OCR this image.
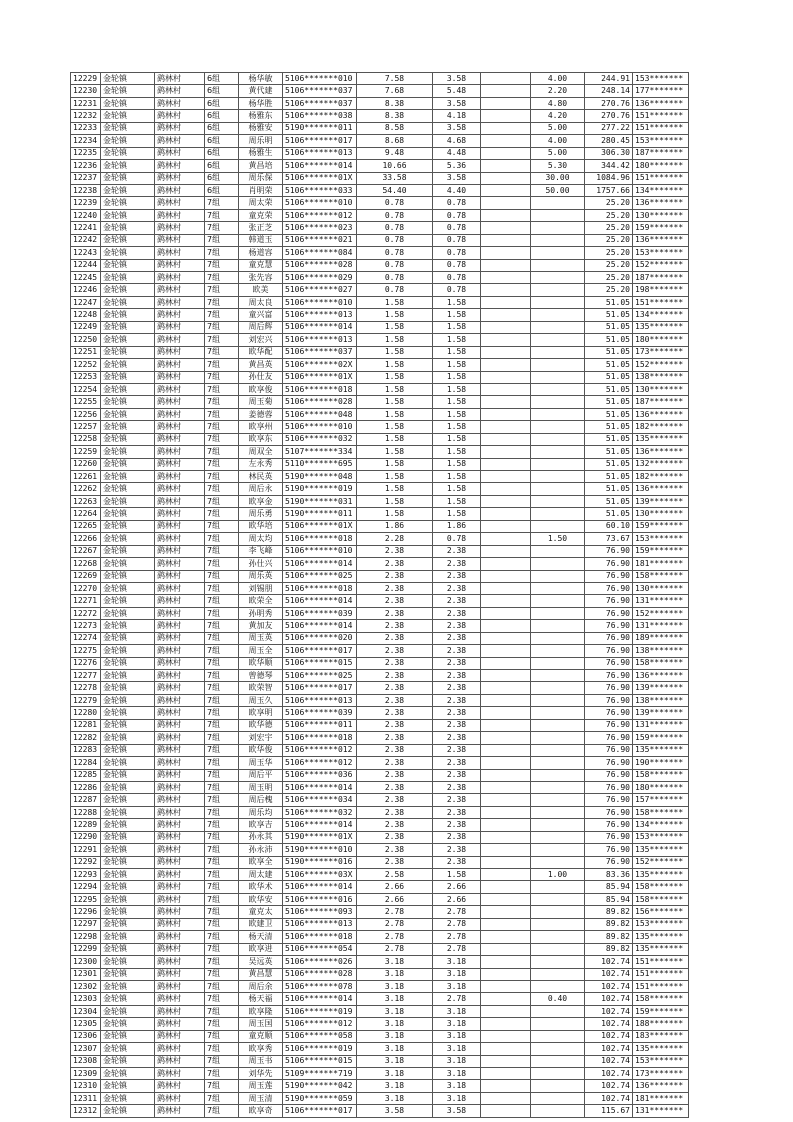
12229	金轮镇	鹞林村	6组	杨华敏	5106*******010	7.58	3.58		4.00	244.91	153*******
12230	金轮镇	鹞林村	6组	黄代建	5106*******037	7.68	5.48		2.20	248.14	177*******
12231	金轮镇	鹞林村	6组	杨华胜	5106*******037	8.38	3.58		4.80	270.76	136*******
12232	金轮镇	鹞林村	6组	杨雅东	5106*******038	8.38	4.18		4.20	270.76	151*******
12233	金轮镇	鹞林村	6组	杨雅安	5190*******011	8.58	3.58		5.00	277.22	151*******
12234	金轮镇	鹞林村	6组	周乐明	5106*******017	8.68	4.68		4.00	280.45	153*******
12235	金轮镇	鹞林村	6组	杨雅生	5106*******013	9.48	4.48		5.00	306.30	187*******
12236	金轮镇	鹞林村	6组	黄昌培	5106*******014	10.66	5.36		5.30	344.42	180*******
12237	金轮镇	鹞林村	6组	周乐保	5106*******01X	33.58	3.58		30.00	1084.96	151*******
12238	金轮镇	鹞林村	6组	肖明荣	5106*******033	54.40	4.40		50.00	1757.66	134*******
12239	金轮镇	鹞林村	7组	周太荣	5106*******010	0.78	0.78			25.20	136*******
12240	金轮镇	鹞林村	7组	童克荣	5106*******012	0.78	0.78			25.20	130*******
12241	金轮镇	鹞林村	7组	张正芝	5106*******023	0.78	0.78			25.20	159*******
12242	金轮镇	鹞林村	7组	韩道玉	5106*******021	0.78	0.78			25.20	136*******
12243	金轮镇	鹞林村	7组	杨道容	5106*******084	0.78	0.78			25.20	153*******
12244	金轮镇	鹞林村	7组	童克慧	5106*******028	0.78	0.78			25.20	152*******
12245	金轮镇	鹞林村	7组	张先容	5106*******029	0.78	0.78			25.20	187*******
12246	金轮镇	鹞林村	7组	欧美	5106*******027	0.78	0.78			25.20	198*******
12247	金轮镇	鹞林村	7组	周太良	5106*******010	1.58	1.58			51.05	151*******
12248	金轮镇	鹞林村	7组	童兴富	5106*******013	1.58	1.58			51.05	134*******
12249	金轮镇	鹞林村	7组	周后辉	5106*******014	1.58	1.58			51.05	135*******
12250	金轮镇	鹞林村	7组	刘宏兴	5106*******013	1.58	1.58			51.05	180*******
12251	金轮镇	鹞林村	7组	欧华配	5106*******037	1.58	1.58			51.05	173*******
12252	金轮镇	鹞林村	7组	黄昌英	5106*******02X	1.58	1.58			51.05	152*******
12253	金轮镇	鹞林村	7组	孙仕友	5106*******01X	1.58	1.58			51.05	138*******
12254	金轮镇	鹞林村	7组	欧享俊	5106*******018	1.58	1.58			51.05	130*******
12255	金轮镇	鹞林村	7组	周玉菊	5106*******028	1.58	1.58			51.05	187*******
12256	金轮镇	鹞林村	7组	姜德蓉	5106*******048	1.58	1.58			51.05	136*******
12257	金轮镇	鹞林村	7组	欧享州	5106*******010	1.58	1.58			51.05	182*******
12258	金轮镇	鹞林村	7组	欧享东	5106*******032	1.58	1.58			51.05	135*******
12259	金轮镇	鹞林村	7组	周双全	5107*******334	1.58	1.58			51.05	136*******
12260	金轮镇	鹞林村	7组	左永秀	5110*******695	1.58	1.58			51.05	132*******
12261	金轮镇	鹞林村	7组	林民英	5190*******048	1.58	1.58			51.05	182*******
12262	金轮镇	鹞林村	7组	周后永	5190*******019	1.58	1.58			51.05	136*******
12263	金轮镇	鹞林村	7组	欧享金	5190*******031	1.58	1.58			51.05	139*******
12264	金轮镇	鹞林村	7组	周乐勇	5190*******011	1.58	1.58			51.05	130*******
12265	金轮镇	鹞林村	7组	欧华培	5106*******01X	1.86	1.86			60.10	159*******
12266	金轮镇	鹞林村	7组	周太均	5106*******018	2.28	0.78		1.50	73.67	153*******
12267	金轮镇	鹞林村	7组	李飞峰	5106*******010	2.38	2.38			76.90	159*******
12268	金轮镇	鹞林村	7组	孙仕兴	5106*******014	2.38	2.38			76.90	181*******
12269	金轮镇	鹞林村	7组	周乐英	5106*******025	2.38	2.38			76.90	158*******
12270	金轮镇	鹞林村	7组	刘锡朋	5106*******018	2.38	2.38			76.90	130*******
12271	金轮镇	鹞林村	7组	欧荣全	5106*******014	2.38	2.38			76.90	131*******
12272	金轮镇	鹞林村	7组	孙明秀	5106*******039	2.38	2.38			76.90	152*******
12273	金轮镇	鹞林村	7组	黄加友	5106*******014	2.38	2.38			76.90	131*******
12274	金轮镇	鹞林村	7组	周玉英	5106*******020	2.38	2.38			76.90	189*******
12275	金轮镇	鹞林村	7组	周玉全	5106*******017	2.38	2.38			76.90	138*******
12276	金轮镇	鹞林村	7组	欧华顺	5106*******015	2.38	2.38			76.90	158*******
12277	金轮镇	鹞林村	7组	曾德琴	5106*******025	2.38	2.38			76.90	136*******
12278	金轮镇	鹞林村	7组	欧荣智	5106*******017	2.38	2.38			76.90	139*******
12279	金轮镇	鹞林村	7组	周玉久	5106*******013	2.38	2.38			76.90	138*******
12280	金轮镇	鹞林村	7组	欧享明	5106*******039	2.38	2.38			76.90	139*******
12281	金轮镇	鹞林村	7组	欧华德	5106*******011	2.38	2.38			76.90	131*******
12282	金轮镇	鹞林村	7组	刘宏宇	5106*******018	2.38	2.38			76.90	159*******
12283	金轮镇	鹞林村	7组	欧华俊	5106*******012	2.38	2.38			76.90	135*******
12284	金轮镇	鹞林村	7组	周玉华	5106*******012	2.38	2.38			76.90	190*******
12285	金轮镇	鹞林村	7组	周后平	5106*******036	2.38	2.38			76.90	158*******
12286	金轮镇	鹞林村	7组	周玉明	5106*******014	2.38	2.38			76.90	180*******
12287	金轮镇	鹞林村	7组	周后槐	5106*******034	2.38	2.38			76.90	157*******
12288	金轮镇	鹞林村	7组	周乐均	5106*******032	2.38	2.38			76.90	158*******
12289	金轮镇	鹞林村	7组	欧享吉	5106*******014	2.38	2.38			76.90	134*******
12290	金轮镇	鹞林村	7组	孙永其	5190*******01X	2.38	2.38			76.90	153*******
12291	金轮镇	鹞林村	7组	孙永沛	5190*******010	2.38	2.38			76.90	135*******
12292	金轮镇	鹞林村	7组	欧享全	5190*******016	2.38	2.38			76.90	152*******
12293	金轮镇	鹞林村	7组	周太建	5106*******03X	2.58	1.58		1.00	83.36	135*******
12294	金轮镇	鹞林村	7组	欧华术	5106*******014	2.66	2.66			85.94	158*******
12295	金轮镇	鹞林村	7组	欧华安	5106*******016	2.66	2.66			85.94	158*******
12296	金轮镇	鹞林村	7组	童克太	5106*******093	2.78	2.78			89.82	156*******
12297	金轮镇	鹞林村	7组	欧建卫	5106*******013	2.78	2.78			89.82	153*******
12298	金轮镇	鹞林村	7组	杨天清	5106*******018	2.78	2.78			89.82	135*******
12299	金轮镇	鹞林村	7组	欧享进	5106*******054	2.78	2.78			89.82	135*******
12300	金轮镇	鹞林村	7组	吴远英	5106*******026	3.18	3.18			102.74	151*******
12301	金轮镇	鹞林村	7组	黄昌慧	5106*******028	3.18	3.18			102.74	151*******
12302	金轮镇	鹞林村	7组	周后余	5106*******078	3.18	3.18			102.74	151*******
12303	金轮镇	鹞林村	7组	杨天福	5106*******014	3.18	2.78		0.40	102.74	158*******
12304	金轮镇	鹞林村	7组	欧享隆	5106*******019	3.18	3.18			102.74	159*******
12305	金轮镇	鹞林村	7组	周玉国	5106*******012	3.18	3.18			102.74	188*******
12306	金轮镇	鹞林村	7组	童克顺	5106*******058	3.18	3.18			102.74	183*******
12307	金轮镇	鹞林村	7组	欧享秀	5106*******019	3.18	3.18			102.74	135*******
12308	金轮镇	鹞林村	7组	周玉书	5106*******015	3.18	3.18			102.74	153*******
12309	金轮镇	鹞林村	7组	刘华先	5109*******719	3.18	3.18			102.74	173*******
12310	金轮镇	鹞林村	7组	周玉莲	5190*******042	3.18	3.18			102.74	136*******
12311	金轮镇	鹞林村	7组	周玉清	5190*******059	3.18	3.18			102.74	181*******
12312	金轮镇	鹞林村	7组	欧享奇	5106*******017	3.58	3.58			115.67	131*******
